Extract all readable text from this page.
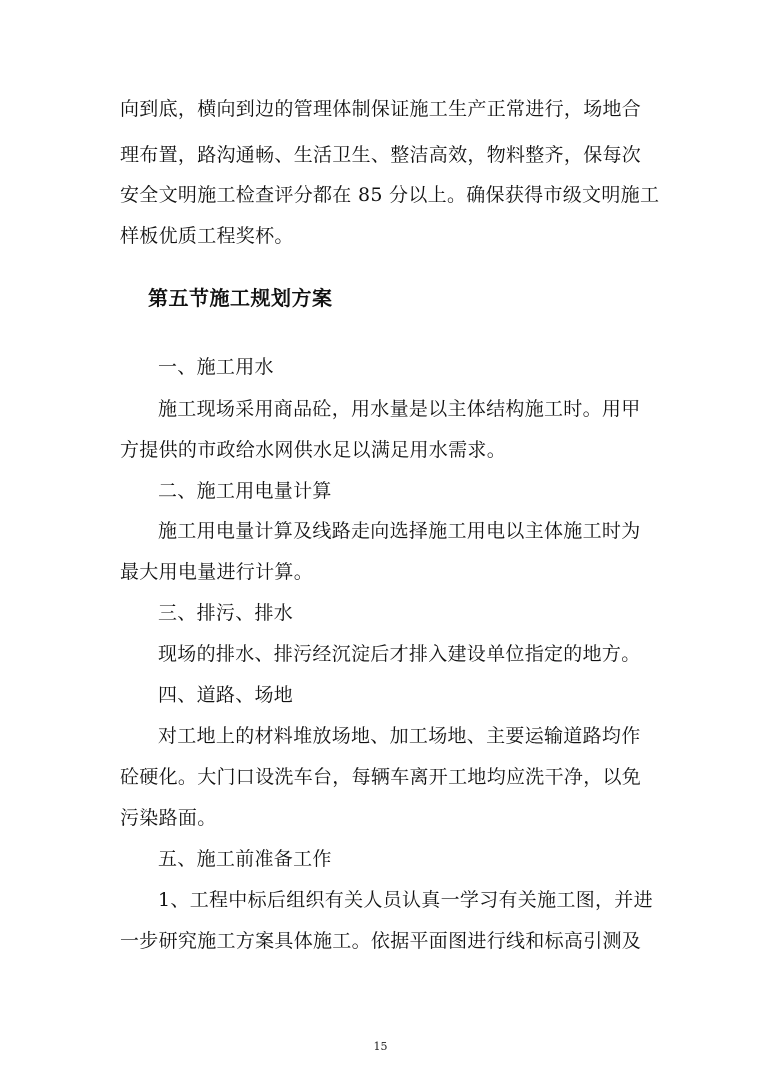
向到底，横向到边的管理体制保证施工生产正常进行，场地合
理布置，路沟通畅、生活卫生、整洁高效，物料整齐，保每次
安全文明施工检查评分都在 85 分以上。确保获得市级文明施工
样板优质工程奖杯。
第五节施工规划方案
一、施工用水
施工现场采用商品砼，用水量是以主体结构施工时。用甲
方提供的市政给水网供水足以满足用水需求。
二、施工用电量计算
施工用电量计算及线路走向选择施工用电以主体施工时为
最大用电量进行计算。
三、排污、排水
现场的排水、排污经沉淀后才排入建设单位指定的地方。
四、道路、场地
对工地上的材料堆放场地、加工场地、主要运输道路均作
砼硬化。大门口设洗车台，每辆车离开工地均应洗干净，以免
污染路面。
五、施工前准备工作
1、工程中标后组织有关人员认真一学习有关施工图，并进
一步研究施工方案具体施工。依据平面图进行线和标高引测及
15
